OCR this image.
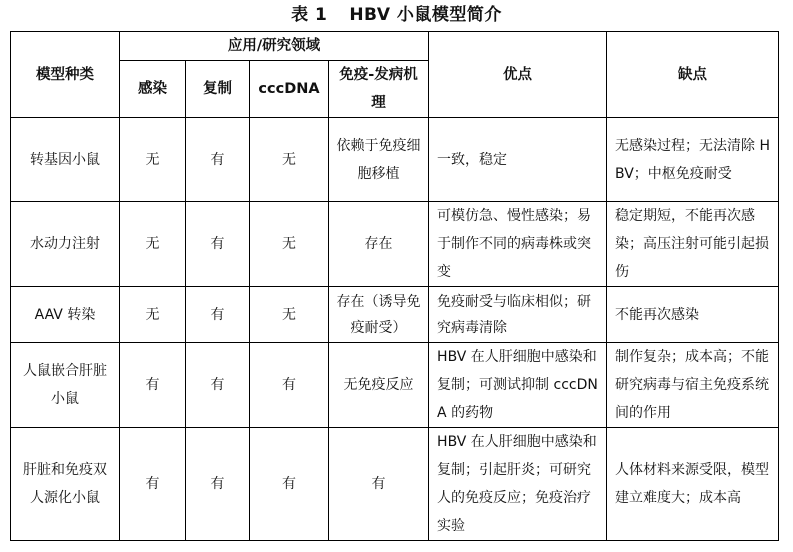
表 1 HBV 小鼠模型简介
模型种类	应用/研究领域				优点	缺点
	感染	复制	cccDNA	免疫-发病机理		
转基因小鼠	无	有	无	依赖于免疫细胞移植	一致，稳定	无感染过程；无法清除 HBV；中枢免疫耐受
水动力注射	无	有	无	存在	可模仿急、慢性感染；易于制作不同的病毒株或突变	稳定期短，不能再次感染；高压注射可能引起损伤
AAV 转染	无	有	无	存在（诱导免疫耐受）	免疫耐受与临床相似；研究病毒清除	不能再次感染
人鼠嵌合肝脏小鼠	有	有	有	无免疫反应	HBV 在人肝细胞中感染和复制；可测试抑制 cccDNA 的药物	制作复杂；成本高；不能研究病毒与宿主免疫系统间的作用
肝脏和免疫双人源化小鼠	有	有	有	有	HBV 在人肝细胞中感染和复制；引起肝炎；可研究人的免疫反应；免疫治疗实验	人体材料来源受限，模型建立难度大；成本高
